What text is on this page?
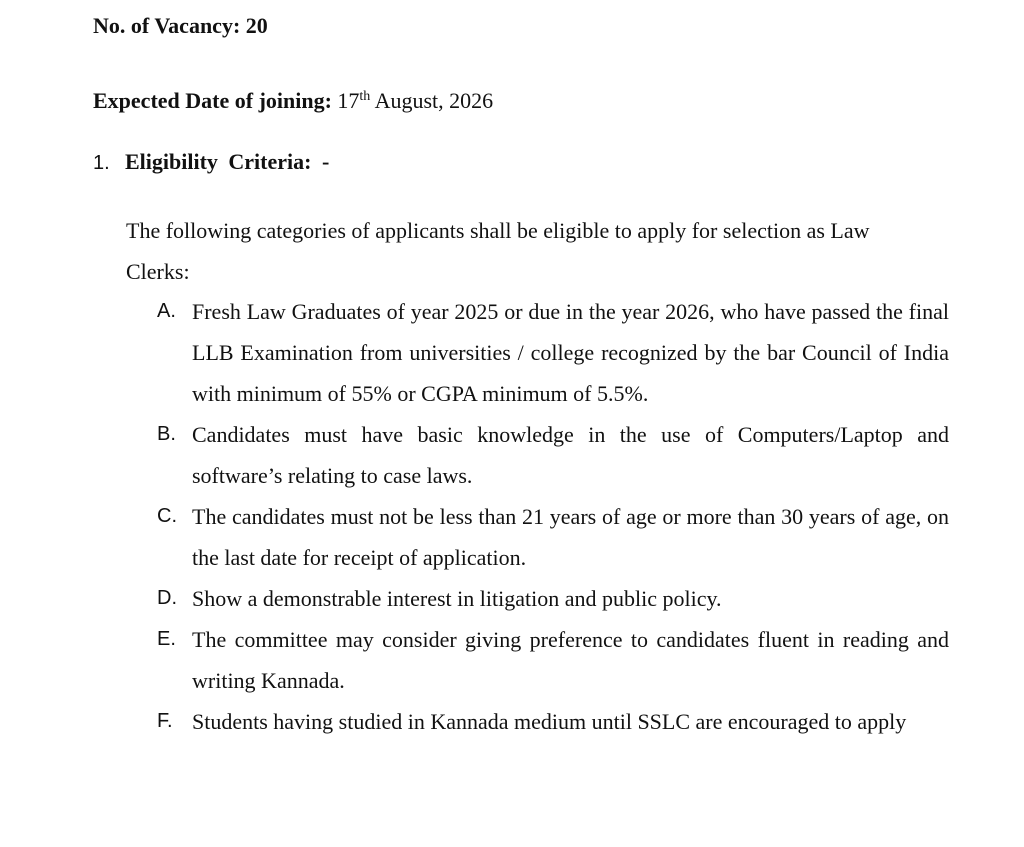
No. of Vacancy: 20
Expected Date of joining: 17th August, 2026
1. Eligibility Criteria: -
The following categories of applicants shall be eligible to apply for selection as Law Clerks:
A. Fresh Law Graduates of year 2025 or due in the year 2026, who have passed the final LLB Examination from universities / college recognized by the bar Council of India with minimum of 55% or CGPA minimum of 5.5%.
B. Candidates must have basic knowledge in the use of Computers/Laptop and software’s relating to case laws.
C. The candidates must not be less than 21 years of age or more than 30 years of age, on the last date for receipt of application.
D. Show a demonstrable interest in litigation and public policy.
E. The committee may consider giving preference to candidates fluent in reading and writing Kannada.
F. Students having studied in Kannada medium until SSLC are encouraged to apply
